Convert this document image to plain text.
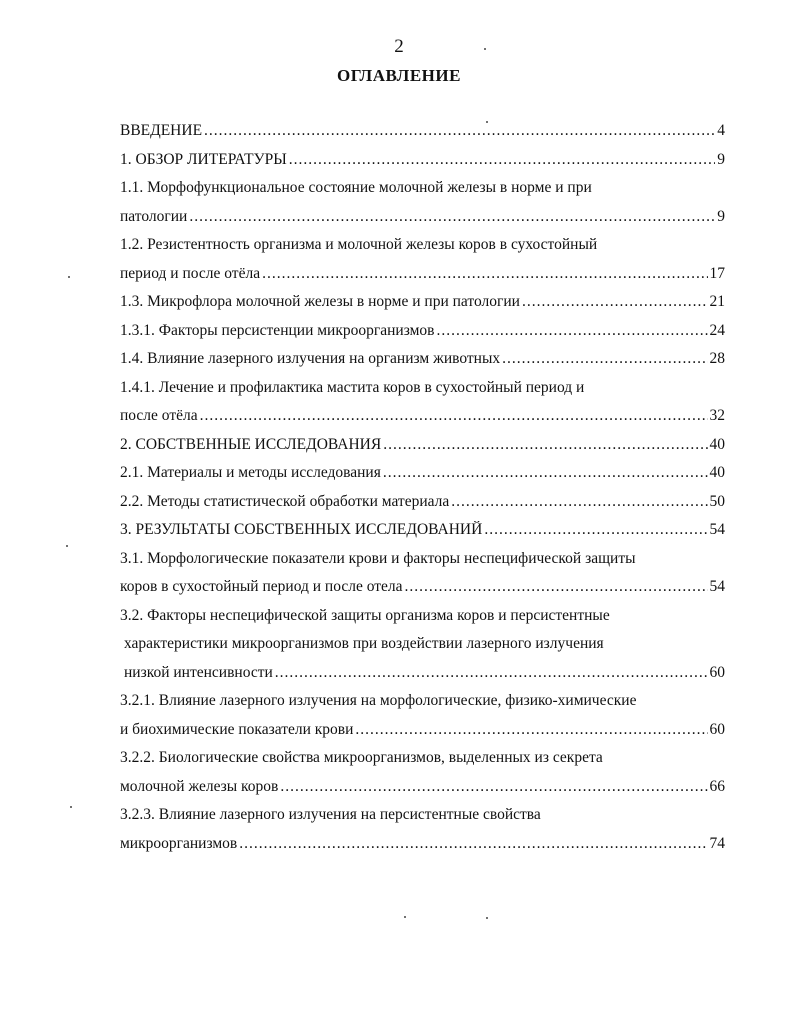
2
ОГЛАВЛЕНИЕ
ВВЕДЕНИЕ .....	4
1. ОБЗОР ЛИТЕРАТУРЫ .....	9
1.1. Морфофункциональное состояние молочной железы в норме и при
патологии .....	9
1.2. Резистентность организма и молочной железы коров в сухостойный
период и после отёла .....	17
1.3. Микрофлора молочной железы в норме и при патологии .....	21
1.3.1. Факторы персистенции микроорганизмов .....	24
1.4. Влияние лазерного излучения на организм животных .....	28
1.4.1. Лечение и профилактика мастита коров в сухостойный период и
после отёла .....	32
2. СОБСТВЕННЫЕ ИССЛЕДОВАНИЯ .....	40
2.1. Материалы и методы исследования .....	40
2.2. Методы статистической обработки материала .....	50
3. РЕЗУЛЬТАТЫ СОБСТВЕННЫХ ИССЛЕДОВАНИЙ .....	54
3.1. Морфологические показатели крови и факторы неспецифической защиты
коров в сухостойный период и после отела .....	54
3.2. Факторы неспецифической защиты организма коров и персистентные
характеристики микроорганизмов при воздействии лазерного излучения
низкой интенсивности .....	60
3.2.1. Влияние лазерного излучения на морфологические, физико-химические
и биохимические показатели крови .....	60
3.2.2. Биологические свойства микроорганизмов, выделенных из секрета
молочной железы коров .....	66
3.2.3. Влияние лазерного излучения на персистентные свойства
микроорганизмов .....	74
